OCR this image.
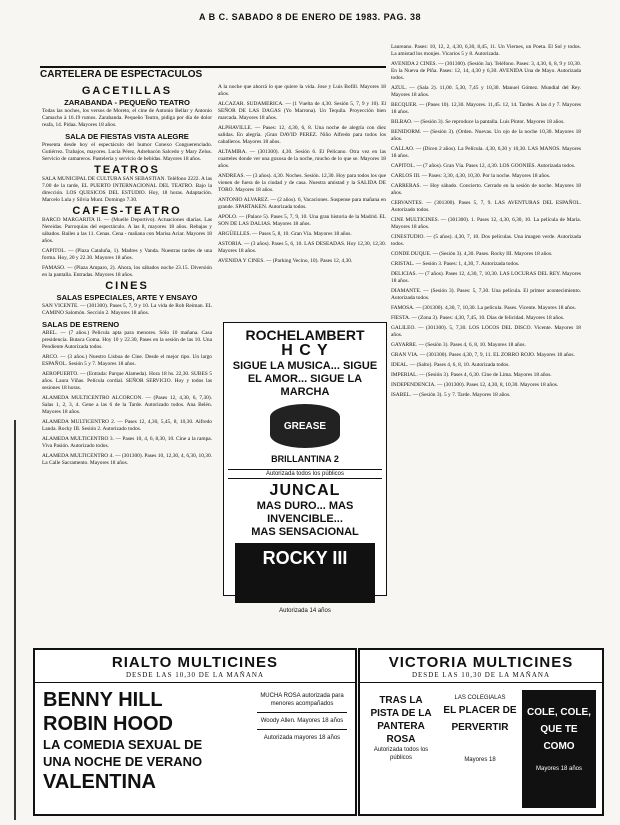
A B C. SABADO 8 DE ENERO DE 1983. PAG. 38
CARTELERA DE ESPECTACULOS
GACETILLAS
ZARABANDA - PEQUEÑO TEATRO

Todas las noches, los versos de Moreto, el cine de Antonio Bellar y Antonio Camacho à 16.19 rumos. Zarabanda. Pequeño Teatro, pidiga por día de dolor reafa, 14. Pidaa. Mayores 18 años.

SALA DE FIESTAS VISTA ALEGRE

Presenta desde hoy el espectáculo del humor Conexo Conguerenciado. Gutiérrez. Trabajos, mayores. Lucía Pérez, Adrebacón Salcedo y Mary Zelus. Servicio de camareros. Pastelería y servicio de bebidas. Mayores 18 años.

TEATROS

SALA MUNICIPAL DE CULTURA SAN SEBASTIAN. Teléfono 2222. A las 7.00 de la tarde, EL PUERTO INTERNACIONAL DEL TEATRO. Bajo la dirección. LOS QUESICOS DEL ESTUDIO. Hoy, 18 horas. Adaptación. Marcelo Lula y Silvia Munt. Domingo 7.30.

CAFES-TEATRO

BARCO MARGARITA II. — (Muelle Deportivo). Actuaciones diarias. Las Nereidas. Parroquias del espectáculo. A las 8, mayores 18 años. Rebajas y sábados. Bailes a las 11. Cenas. Cena - mañana con Marisa Aciar. Mayores 18 años.

CAPITOL. — (Plaza Cataluña, 1). Madres y Vanda. Nuestras tardes de una forma. Hoy, 20 y 22.30. Mayores 18 años.

FAMASO. — (Plaza Amparo, 2). Ahora, los sábados noche 23.15. Diversión en la pantalla. Entradas. Mayores 18 años.

CINES
SALAS ESPECIALES, ARTE Y ENSAYO

SAN VICENTE. — (301300). Pases 5, 7, 9 y 10. La vida de Rob Reiman. EL CAMINO Salomón. Sección 2. Mayores 18 años.

SALAS DE ESTRENO

ABEL. — (7 años.) Pelicula apta para menores. Sólo 10 mañana. Casa presidencia. Butaca Goma. Hoy 10 y 22.30, Pases en la sesión de las 10. Una Pendiente Autorizada todos.

ARCO. — (3 años.) Nuestro Lisboa de Cine. Desde el mejor tipo. Un largo ESPAÑOL. Sesión 5 y 7. Mayores 18 años.

AEROPUERTO. — (Entrada: Parque Alameda). Hora 18 hs. 22,30. SUBES 5 años. Laura Viñas. Película cordial. SEÑOR SERVICIO. Hoy y todos las sesiones 18 horas.

ALAMEDA MULTICENTRO ALCORCON. — (Pases 12, 4,30, 6, 7,30). Salas 1, 2, 3, 4. Gene a las 6 de la Tarde. Autorizado todos. Ana Belén. Mayores 18 años.

ALAMEDA MULTICENTRO 2. — Pases 12, 4,30, 5,45, 8, 10,30. Alfredo Landa. Rocky III. Sesión 2. Autorizado todos.

ALAMEDA MULTICENTRO 3. — Pases 10, 4, 6, 8,30, 10. Cine a la rampa. Viva Pasión. Autorizado todos.

ALAMEDA MULTICENTRO 4. — (301300). Pases 10, 12,30, 4, 6,30, 10,30. La Calle Sacramento. Mayores 18 años.

A la noche que ahorrá lo que quiere la vida. Jose y Luis Bofill. Mayores 18 años.

ALCAZAR. SUDAMERICA. — (1 Vuelta de 4,30. Sesión 5, 7, 9 y 10). El SEÑOR DE LAS DAGAS (Yo Marrona). Un Tequila. Proyección bien marcada. Mayores 18 años.

ALPHAVILLE. — Pases: 12, 4,30, 6, 8. Una noche de alegría con diez salidas. En alegría. ¡Gran DAVID PEREZ. Niño Alfredo para todos los caballeros. Mayores 18 años.

ALTAMIRA. — (301300). 4,30. Sesión 6. El Pelicano. Otra vez en las cuarteles donde ver una gozosa de la noche, mucho de lo que se. Mayores 18 años.

ANDREAS. — (3 años). 4,30. Noches. Sesión. 12,30. Hoy para todos los que vienen de fuera de la ciudad y de casa. Nuestra amistad y la SALIDA DE TORO. Mayores 18 años.

ANTONIO ALVAREZ. — (2 años). 6, Vacaciones. Suspense para mañana en grande. SPARTAKEN. Autorizada todos.

APOLO. — (Palace 5). Pases 5, 7, 9, 10. Una gran historia de la Madrid. EL SON DE LAS DALIAS. Mayores 18 años.

ARGÜELLES. — Pases 5, 8, 10. Gran Vía. Mayores 18 años.

ASTORIA. — (3 años). Pases 5, 6, 10. LAS DESEADAS. Hoy 12,30, 12,30. Mayores 18 años.

AVENIDA Y CINES. — (Parking Vecino, 10). Pases 12, 4,30.

ROCHELAMBERT
H C Y
SIGUE LA MUSICA... SIGUE
EL AMOR... SIGUE LA
MARCHA
GREASE
BRILLANTINA 2
Autorizada todos los públicos
JUNCAL
MAS DURO... MAS
INVENCIBLE...
MAS SENSACIONAL
ROCKY III
Autorizada 14 años

Laureano. Pases: 10, 12, 2, 4,30, 6,30, 8,45, 11. Un Viernes, un Poeta. El Sol y todos. La amistad los monjes. Vicarios 5 y 8. Autorizada.

AVENIDA 2 CINES. — (301300). (Sesión 3a). Teléfono. Pases: 3, 4,30, 6, 8, 9 y 10,30. En la Nueva de Piña. Pases: 12, 14, 4,30 y 6,30. AVENIDA Una de Mayo. Autorizada todos.

AZUL. — (Sala 2). 11,00. 5,30, 7,45 y 10,30. Manuel Gómez. Mundial del Rey. Mayores 18 años.

BECQUER. — (Pases 10). 12,30. Mayores. 11,45. 12, 14. Tardes. A las 4 y 7. Mayores 18 años.

BILBAO. — (Sesión 3). Se reproduce la pantalla. Luis Pintor. Mayores 18 años.

BENIDORM. — (Sesión 3). (Orden. Nuevas. Un ojo de la noche 10,30. Mayores 18 años.

CALLAO. — (Dicen 2 años). La Película. 4,30, 6,30 y 10,30. LAS MANOS. Mayores 18 años.

CAPITOL. — (7 años). Gran Vía. Pases 12, 4,30. LOS GOONIES. Autorizada todos.

CARLOS III. — Pases: 3,30, 4,30, 10,30. Por la noche. Mayores 18 años.

CARRERAS. — Hoy sábado. Concierto. Cerrado en la sesión de noche. Mayores 18 años.

CERVANTES. — (301300). Pases 5, 7, 9. LAS AVENTURAS DEL ESPAÑOL. Autorizado todos.

CINE MULTICINES. — (301300). 1. Pases 12, 4,30, 6,30, 10. La película de María. Mayores 18 años.

CINESTUDIO. — (5 años). 4,30, 7, 10. Dos películas. Una imagen verde. Autorizada todos.

CONDE DUQUE. — (Sesión 3). 4,30. Pases. Rocky III. Mayores 18 años.

CRISTAL. — Sesión 3. Pases: 1, 4,30, 7. Autorizada todos.

DELICIAS. — (7 años). Pases 12, 4,30, 7, 10,30. LAS LOCURAS DEL REY. Mayores 18 años.

DIAMANTE. — (Sesión 3). Pases: 5, 7,30. Una película. El primer acontecimiento. Autorizada todos.

FAMOSA. — (301300). 4,30, 7, 10,30. La película. Pases. Vicente. Mayores 18 años.

FIESTA. — (Zona 3). Pases: 4,30, 7,45, 10. Días de felicidad. Mayores 18 años.

GALILEO. — (301300). 5, 7,30. LOS LOCOS DEL DISCO. Vicente. Mayores 18 años.

GAYARRE. — (Sesión 3). Pases 4, 6, 8, 10. Mayores 18 años.

GRAN VIA. — (301300). Pases 4,30, 7, 9, 11. EL ZORRO ROJO. Mayores 18 años.

IDEAL. — (Salto). Pases 4, 6, 8, 10. Autorizada todos.

IMPERIAL. — (Sesión 3). Pases 4, 6,30. Cine de Lima. Mayores 18 años.

INDEPENDENCIA. — (301300). Pases 12, 4,30, 8, 10,30. Mayores 18 años.

ISABEL. — (Sesión 3). 5 y 7. Tarde. Mayores 18 años.

RIALTO MULTICINES
DESDE LAS 10,30 DE LA MAÑANA
BENNY HILL
ROBIN HOOD
LA COMEDIA SEXUAL DE
UNA NOCHE DE VERANO
VALENTINA
MUCHA ROSA autorizada para menores acompañados
Woody Allen. Mayores 18 años
Autorizada mayores 18 años
VICTORIA MULTICINES
DESDE LAS 10,30 DE LA MAÑANA
TRAS LA
PISTA DE LA
PANTERA
ROSA
Autorizada todos los públicos
LAS COLEGIALAS
EL PLACER DE
PERVERTIR
Mayores 18
COLE, COLE,
QUE TE
COMO
Mayores 18 años
